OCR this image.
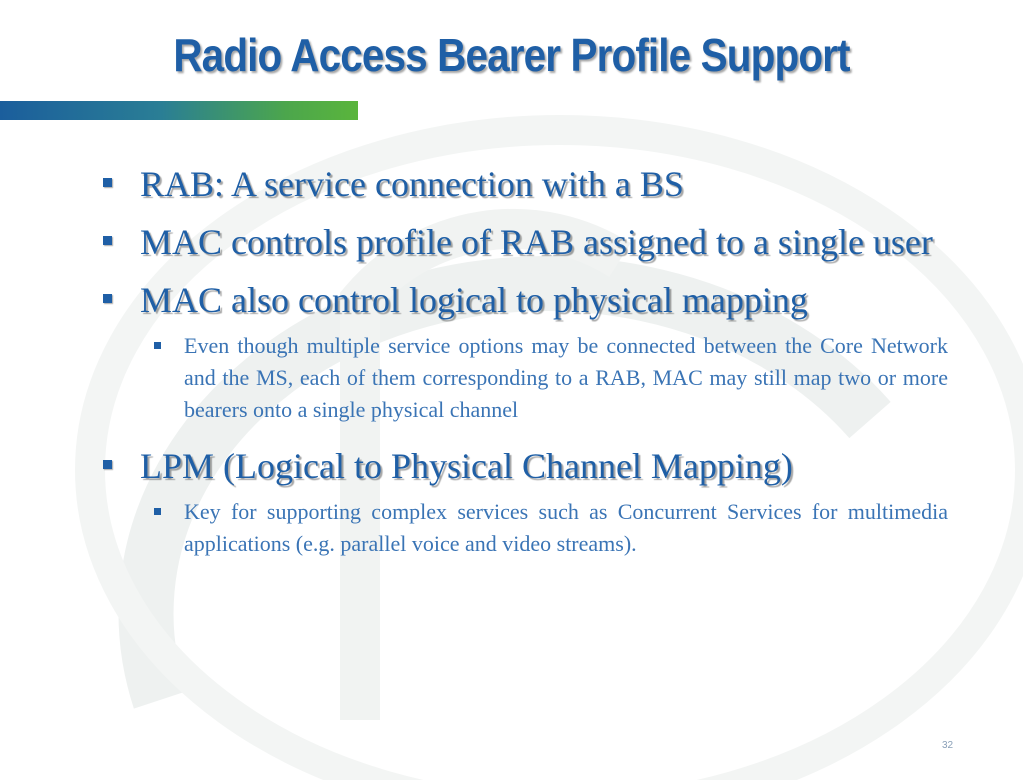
Radio Access Bearer Profile Support
RAB: A service connection with a BS
MAC controls profile of RAB assigned to a single user
MAC also control logical to physical mapping
Even though multiple service options may be connected between the Core Network and the MS, each of them corresponding to a RAB, MAC may still map two or more bearers onto a single physical channel
LPM (Logical to Physical Channel Mapping)
Key for supporting complex services such as Concurrent Services for multimedia applications (e.g. parallel voice and video streams).
32
